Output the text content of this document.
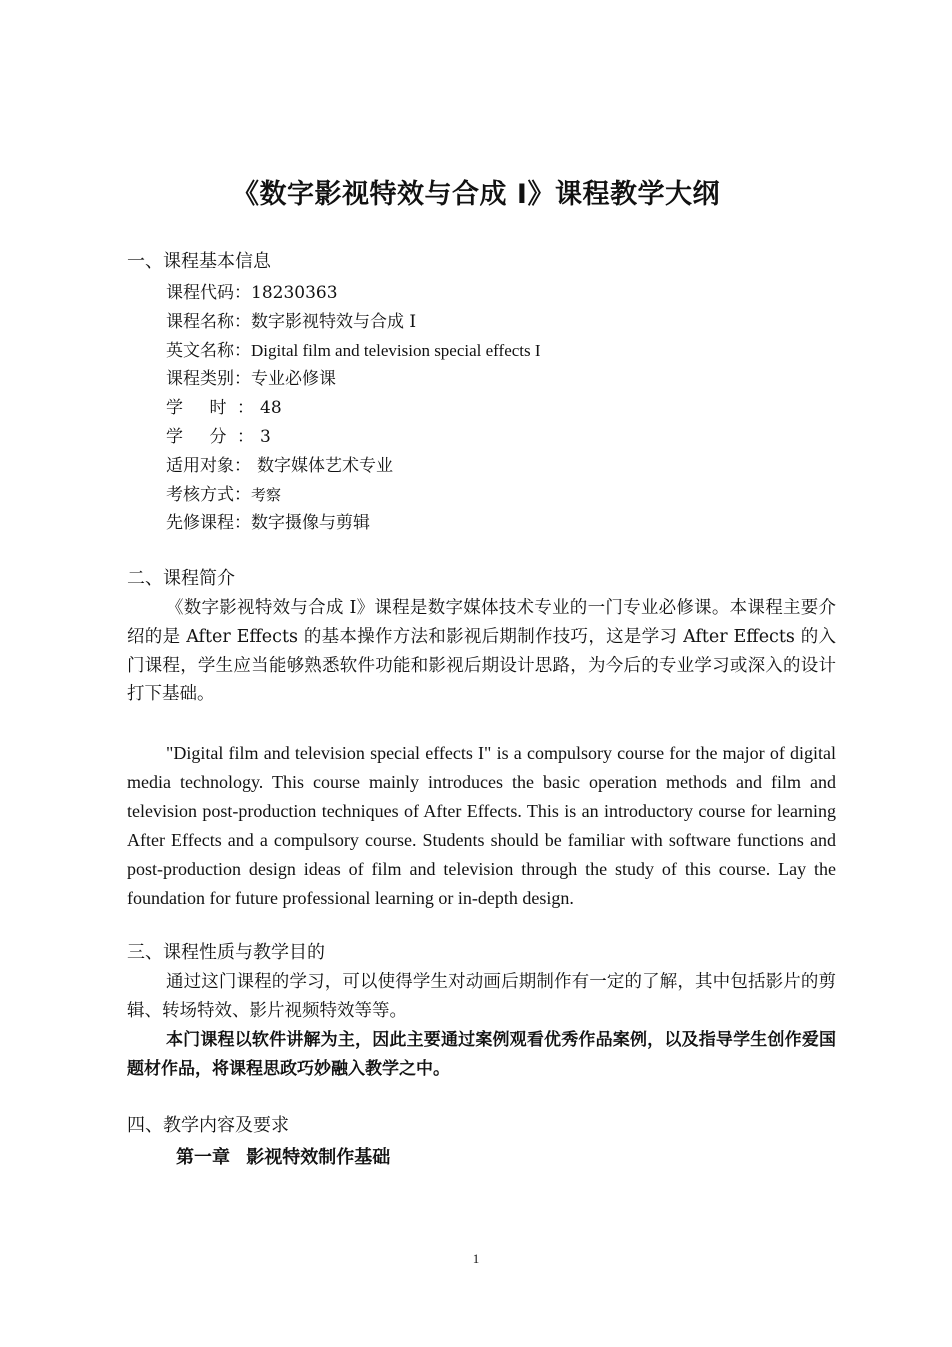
《数字影视特效与合成 I》课程教学大纲
一、课程基本信息
课程代码：18230363
课程名称：数字影视特效与合成 I
英文名称：Digital film and television special effects I
课程类别：专业必修课
学 时： 48
学 分： 3
适用对象： 数字媒体艺术专业
考核方式：考察
先修课程：数字摄像与剪辑
二、课程简介

《数字影视特效与合成 I》课程是数字媒体技术专业的一门专业必修课。本课程主要介绍的是 After Effects 的基本操作方法和影视后期制作技巧，这是学习 After Effects 的入门课程，学生应当能够熟悉软件功能和影视后期设计思路，为今后的专业学习或深入的设计打下基础。

"Digital film and television special effects I" is a compulsory course for the major of digital media technology. This course mainly introduces the basic operation methods and film and television post-production techniques of After Effects. This is an introductory course for learning After Effects and a compulsory course. Students should be familiar with software functions and post-production design ideas of film and television through the study of this course. Lay the foundation for future professional learning or in-depth design.

三、课程性质与教学目的

通过这门课程的学习，可以使得学生对动画后期制作有一定的了解，其中包括影片的剪辑、转场特效、影片视频特效等等。

本门课程以软件讲解为主，因此主要通过案例观看优秀作品案例，以及指导学生创作爱国题材作品，将课程思政巧妙融入教学之中。

四、教学内容及要求
第一章 影视特效制作基础
1
